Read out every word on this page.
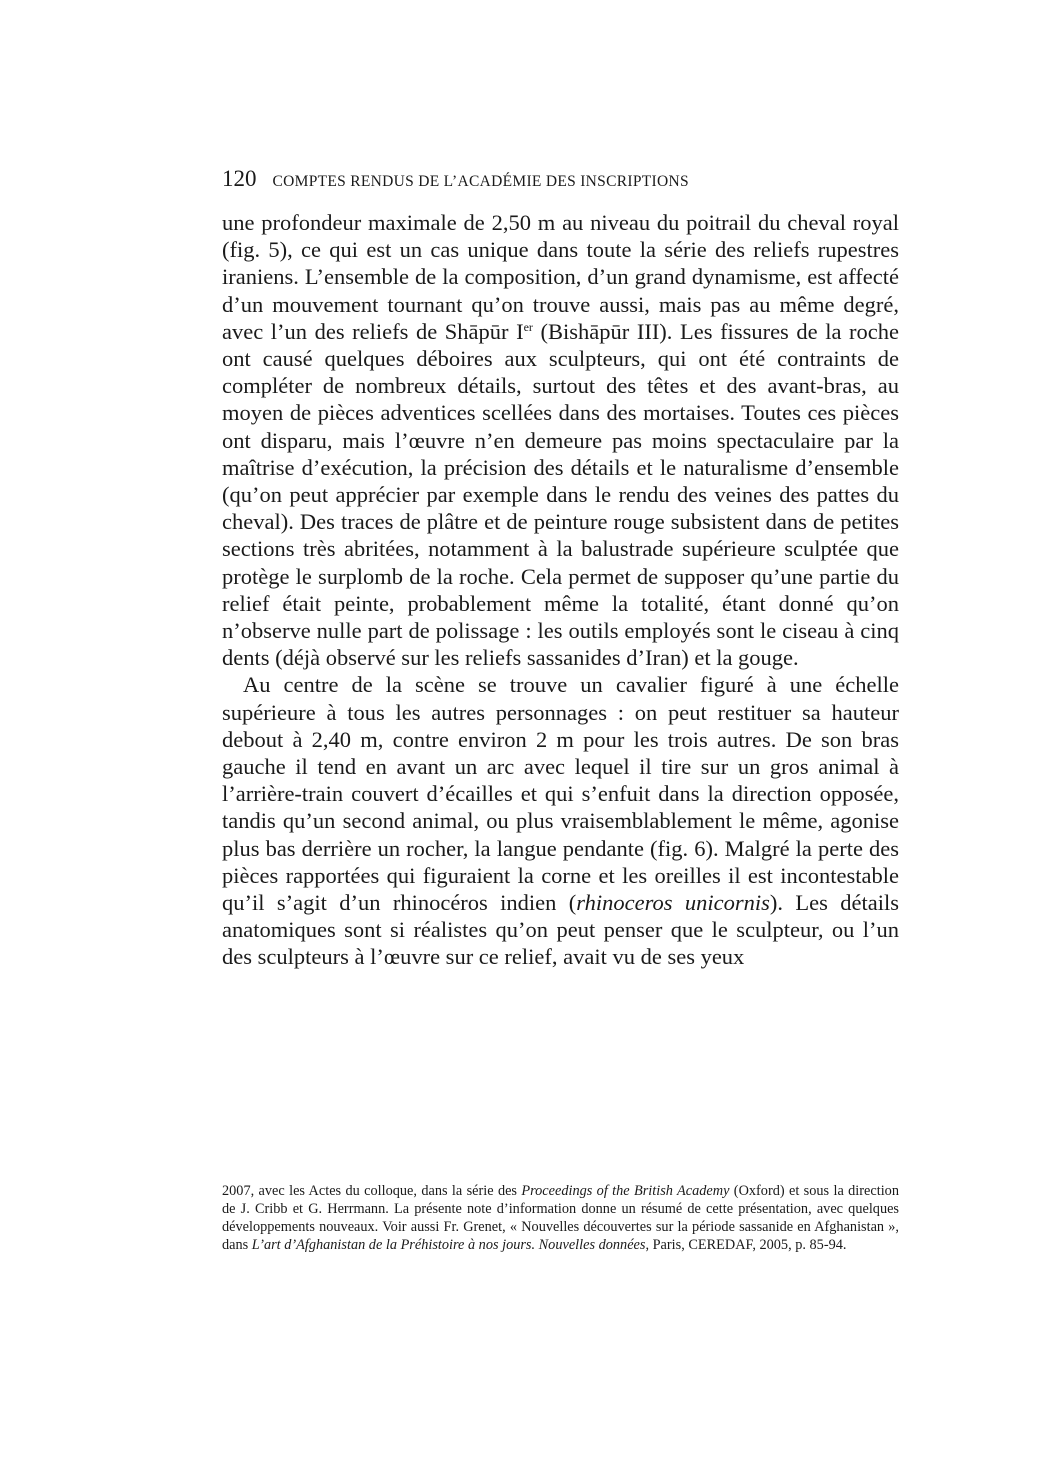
120 COMPTES RENDUS DE L’ACADÉMIE DES INSCRIPTIONS

une profondeur maximale de 2,50 m au niveau du poitrail du cheval royal (fig. 5), ce qui est un cas unique dans toute la série des reliefs rupestres iraniens. L’ensemble de la composition, d’un grand dynamisme, est affecté d’un mouvement tournant qu’on trouve aussi, mais pas au même degré, avec l’un des reliefs de Shāpūr Ier (Bishāpūr III). Les fissures de la roche ont causé quelques déboires aux sculpteurs, qui ont été contraints de compléter de nombreux détails, surtout des têtes et des avant-bras, au moyen de pièces adventices scellées dans des mortaises. Toutes ces pièces ont disparu, mais l’œuvre n’en demeure pas moins spectaculaire par la maîtrise d’exécution, la précision des détails et le naturalisme d’ensemble (qu’on peut apprécier par exemple dans le rendu des veines des pattes du cheval). Des traces de plâtre et de peinture rouge subsistent dans de petites sections très abritées, notamment à la balustrade supérieure sculptée que protège le surplomb de la roche. Cela permet de supposer qu’une partie du relief était peinte, probablement même la totalité, étant donné qu’on n’observe nulle part de polissage : les outils employés sont le ciseau à cinq dents (déjà observé sur les reliefs sassanides d’Iran) et la gouge.

Au centre de la scène se trouve un cavalier figuré à une échelle supérieure à tous les autres personnages : on peut restituer sa hauteur debout à 2,40 m, contre environ 2 m pour les trois autres. De son bras gauche il tend en avant un arc avec lequel il tire sur un gros animal à l’arrière-train couvert d’écailles et qui s’enfuit dans la direction opposée, tandis qu’un second animal, ou plus vraisemblablement le même, agonise plus bas derrière un rocher, la langue pendante (fig. 6). Malgré la perte des pièces rapportées qui figuraient la corne et les oreilles il est incontestable qu’il s’agit d’un rhinocéros indien (rhinoceros unicornis). Les détails anatomiques sont si réalistes qu’on peut penser que le sculpteur, ou l’un des sculpteurs à l’œuvre sur ce relief, avait vu de ses yeux

2007, avec les Actes du colloque, dans la série des Proceedings of the British Academy (Oxford) et sous la direction de J. Cribb et G. Herrmann. La présente note d’information donne un résumé de cette présentation, avec quelques développements nouveaux. Voir aussi Fr. Grenet, « Nouvelles découvertes sur la période sassanide en Afghanistan », dans L’art d’Afghanistan de la Préhistoire à nos jours. Nouvelles données, Paris, CEREDAF, 2005, p. 85-94.
